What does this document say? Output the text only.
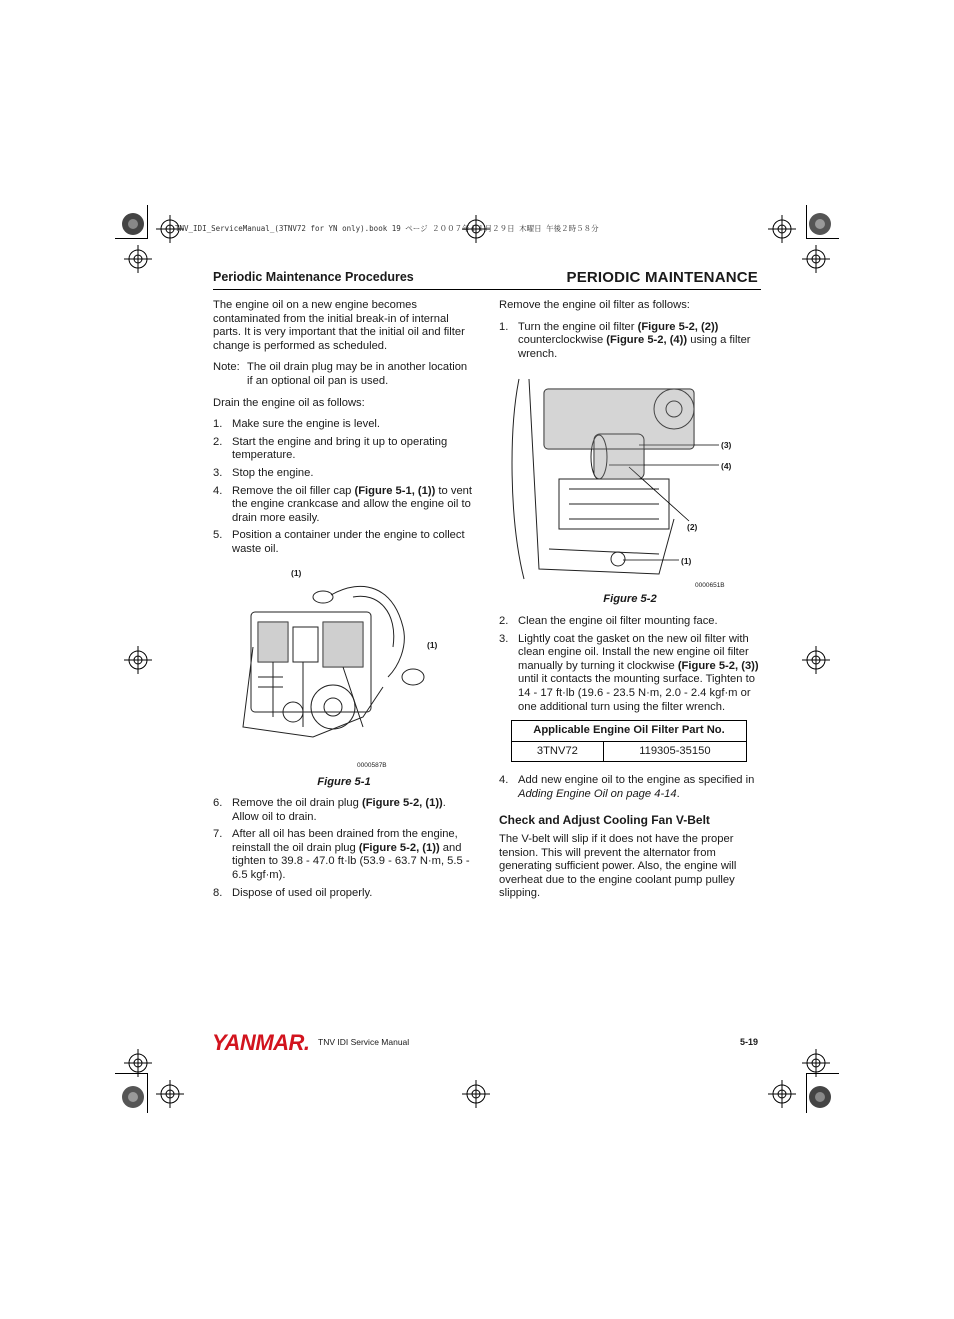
TNV_IDI_ServiceManual_(3TNV72 for YN only).book 19 ページ ２００７年１１月２９日 木曜日 午後２時５８分
Periodic Maintenance Procedures	PERIODIC MAINTENANCE

The engine oil on a new engine becomes contaminated from the initial break-in of internal parts. It is very important that the initial oil and filter change is performed as scheduled.

Note: The oil drain plug may be in another location if an optional oil pan is used.

Drain the engine oil as follows:

1. Make sure the engine is level.
2. Start the engine and bring it up to operating temperature.
3. Stop the engine.
4. Remove the oil filler cap (Figure 5-1, (1)) to vent the engine crankcase and allow the engine oil to drain more easily.
5. Position a container under the engine to collect waste oil.
(1)
(1)
0000587B
Figure 5-1
6. Remove the oil drain plug (Figure 5-2, (1)). Allow oil to drain.
7. After all oil has been drained from the engine, reinstall the oil drain plug (Figure 5-2, (1)) and tighten to 39.8 - 47.0 ft·lb (53.9 - 63.7 N·m, 5.5 - 6.5 kgf·m).
8. Dispose of used oil properly.

Remove the engine oil filter as follows:

1. Turn the engine oil filter (Figure 5-2, (2)) counterclockwise (Figure 5-2, (4)) using a filter wrench.
(3)
(4)
(2)
(1)
0000651B
Figure 5-2
2. Clean the engine oil filter mounting face.
3. Lightly coat the gasket on the new oil filter with clean engine oil. Install the new engine oil filter manually by turning it clockwise (Figure 5-2, (3)) until it contacts the mounting surface. Tighten to 14 - 17 ft·lb (19.6 - 23.5 N·m, 2.0 - 2.4 kgf·m or one additional turn using the filter wrench.
Applicable Engine Oil Filter Part No.
3TNV72	119305-35150
4. Add new engine oil to the engine as specified in Adding Engine Oil on page 4-14.
Check and Adjust Cooling Fan V-Belt

The V-belt will slip if it does not have the proper tension. This will prevent the alternator from generating sufficient power. Also, the engine will overheat due to the engine coolant pump pulley slipping.

YANMAR. TNV IDI Service Manual	5-19
